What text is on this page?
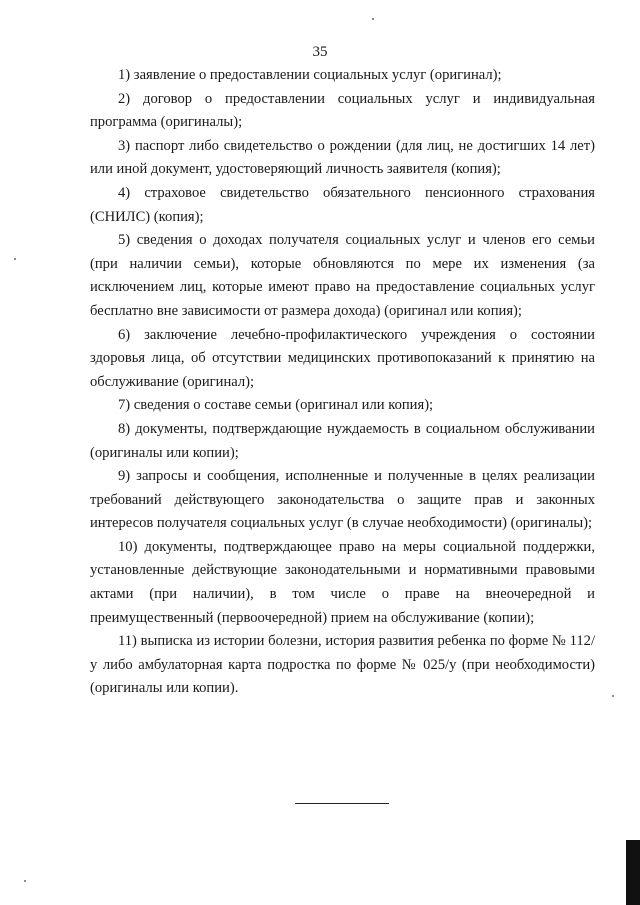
35

1) заявление о предоставлении социальных услуг (оригинал);

2) договор о предоставлении социальных услуг и индивидуальная программа (оригиналы);

3) паспорт либо свидетельство о рождении (для лиц, не достигших 14 лет) или иной документ, удостоверяющий личность заявителя (копия);

4) страховое свидетельство обязательного пенсионного страхования (СНИЛС) (копия);

5) сведения о доходах получателя социальных услуг и членов его семьи (при наличии семьи), которые обновляются по мере их изменения (за исключением лиц, которые имеют право на предоставление социальных услуг бесплатно вне зависимости от размера дохода) (оригинал или копия);

6) заключение лечебно-профилактического учреждения о состоянии здоровья лица, об отсутствии медицинских противопоказаний к принятию на обслуживание (оригинал);

7) сведения о составе семьи (оригинал или копия);

8) документы, подтверждающие нуждаемость в социальном обслуживании (оригиналы или копии);

9) запросы и сообщения, исполненные и полученные в целях реализации требований действующего законодательства о защите прав и законных интересов получателя социальных услуг (в случае необходимости) (оригиналы);

10) документы, подтверждающее право на меры социальной поддержки, установленные действующие законодательными и нормативными правовыми актами (при наличии), в том числе о праве на внеочередной и преимущественный (первоочередной) прием на обслуживание (копии);

11) выписка из истории болезни, история развития ребенка по форме № 112/у либо амбулаторная карта подростка по форме № 025/у (при необходимости) (оригиналы или копии).
